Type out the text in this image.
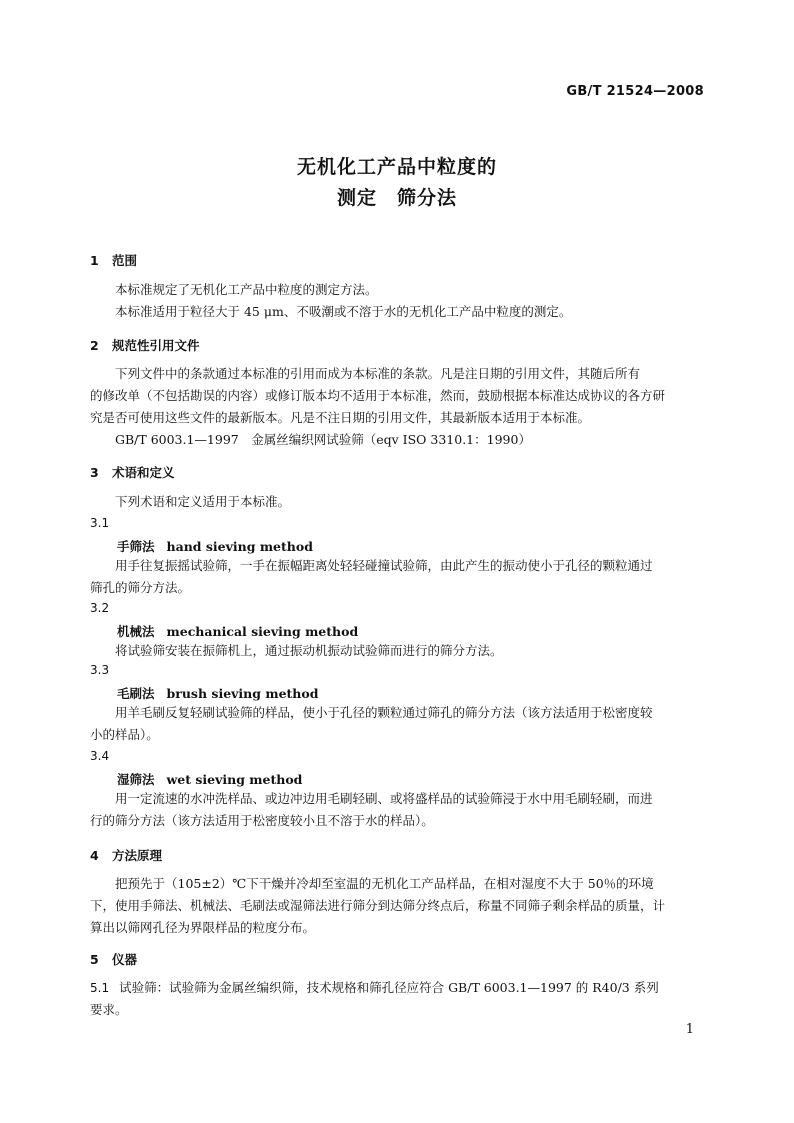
GB/T 21524—2008
无机化工产品中粒度的
测定　筛分法
1 范围
本标准规定了无机化工产品中粒度的测定方法。
本标准适用于粒径大于 45 μm、不吸潮或不溶于水的无机化工产品中粒度的测定。
2 规范性引用文件
下列文件中的条款通过本标准的引用而成为本标准的条款。凡是注日期的引用文件，其随后所有
的修改单（不包括勘误的内容）或修订版本均不适用于本标准，然而，鼓励根据本标准达成协议的各方研
究是否可使用这些文件的最新版本。凡是不注日期的引用文件，其最新版本适用于本标准。
GB/T 6003.1—1997　金属丝编织网试验筛（eqv ISO 3310.1：1990）
3 术语和定义
下列术语和定义适用于本标准。
3.1
手筛法 hand sieving method
用手往复振摇试验筛，一手在振幅距离处轻轻碰撞试验筛，由此产生的振动使小于孔径的颗粒通过
筛孔的筛分方法。
3.2
机械法 mechanical sieving method
将试验筛安装在振筛机上，通过振动机振动试验筛而进行的筛分方法。
3.3
毛刷法 brush sieving method
用羊毛刷反复轻刷试验筛的样品，使小于孔径的颗粒通过筛孔的筛分方法（该方法适用于松密度较
小的样品）。
3.4
湿筛法 wet sieving method
用一定流速的水冲洗样品、或边冲边用毛刷轻刷、或将盛样品的试验筛浸于水中用毛刷轻刷，而进
行的筛分方法（该方法适用于松密度较小且不溶于水的样品）。
4 方法原理
把预先于（105±2）℃下干燥并冷却至室温的无机化工产品样品，在相对湿度不大于 50％的环境
下，使用手筛法、机械法、毛刷法或湿筛法进行筛分到达筛分终点后，称量不同筛子剩余样品的质量，计
算出以筛网孔径为界限样品的粒度分布。
5 仪器
5.1 试验筛：试验筛为金属丝编织筛，技术规格和筛孔径应符合 GB/T 6003.1—1997 的 R40/3 系列
要求。
1
